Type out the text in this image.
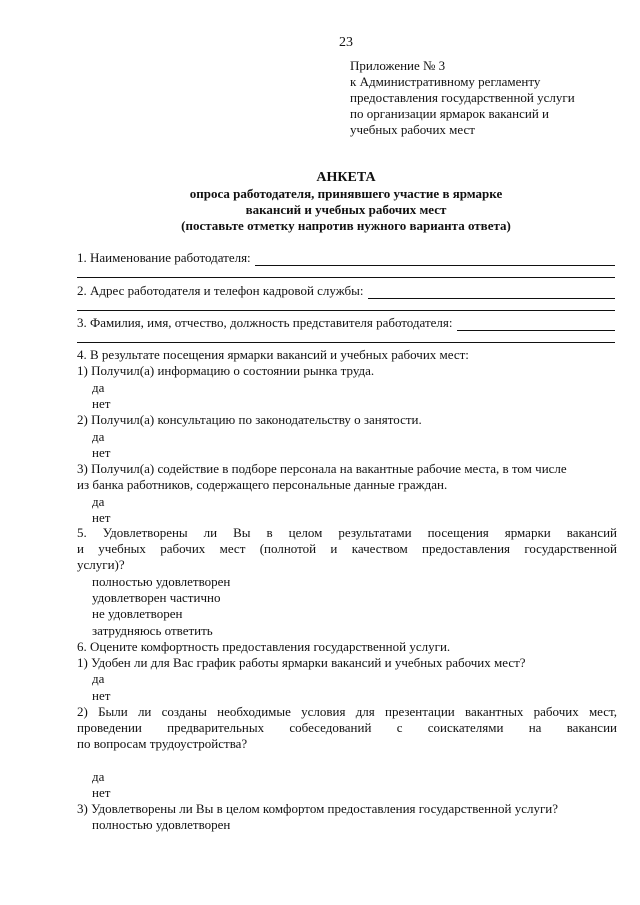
23
Приложение № 3
к Административному регламенту
предоставления государственной услуги
по организации ярмарок вакансий и
учебных рабочих мест
АНКЕТА
опроса работодателя, принявшего участие в ярмарке
вакансий и учебных рабочих мест
(поставьте отметку напротив нужного варианта ответа)
1. Наименование работодателя:
2. Адрес работодателя и телефон кадровой службы:
3. Фамилия, имя, отчество, должность представителя работодателя:
4. В результате посещения ярмарки вакансий и учебных рабочих мест:
1) Получил(а) информацию о состоянии рынка труда.
да
нет
2) Получил(а) консультацию по законодательству о занятости.
да
нет
3) Получил(а) содействие в подборе персонала на вакантные рабочие места, в том числе
из банка работников, содержащего персональные данные граждан.
да
нет
5. Удовлетворены ли Вы в целом результатами посещения ярмарки вакансий
и учебных рабочих мест (полнотой и качеством предоставления государственной
услуги)?
полностью удовлетворен
удовлетворен частично
не удовлетворен
затрудняюсь ответить
6. Оцените комфортность предоставления государственной услуги.
1) Удобен ли для Вас график работы ярмарки вакансий и учебных рабочих мест?
да
нет
2) Были ли созданы необходимые условия для презентации вакантных рабочих мест,
проведении предварительных собеседований с соискателями на вакансии
по вопросам трудоустройства?
да
нет
3) Удовлетворены ли Вы в целом комфортом предоставления государственной услуги?
полностью удовлетворен
